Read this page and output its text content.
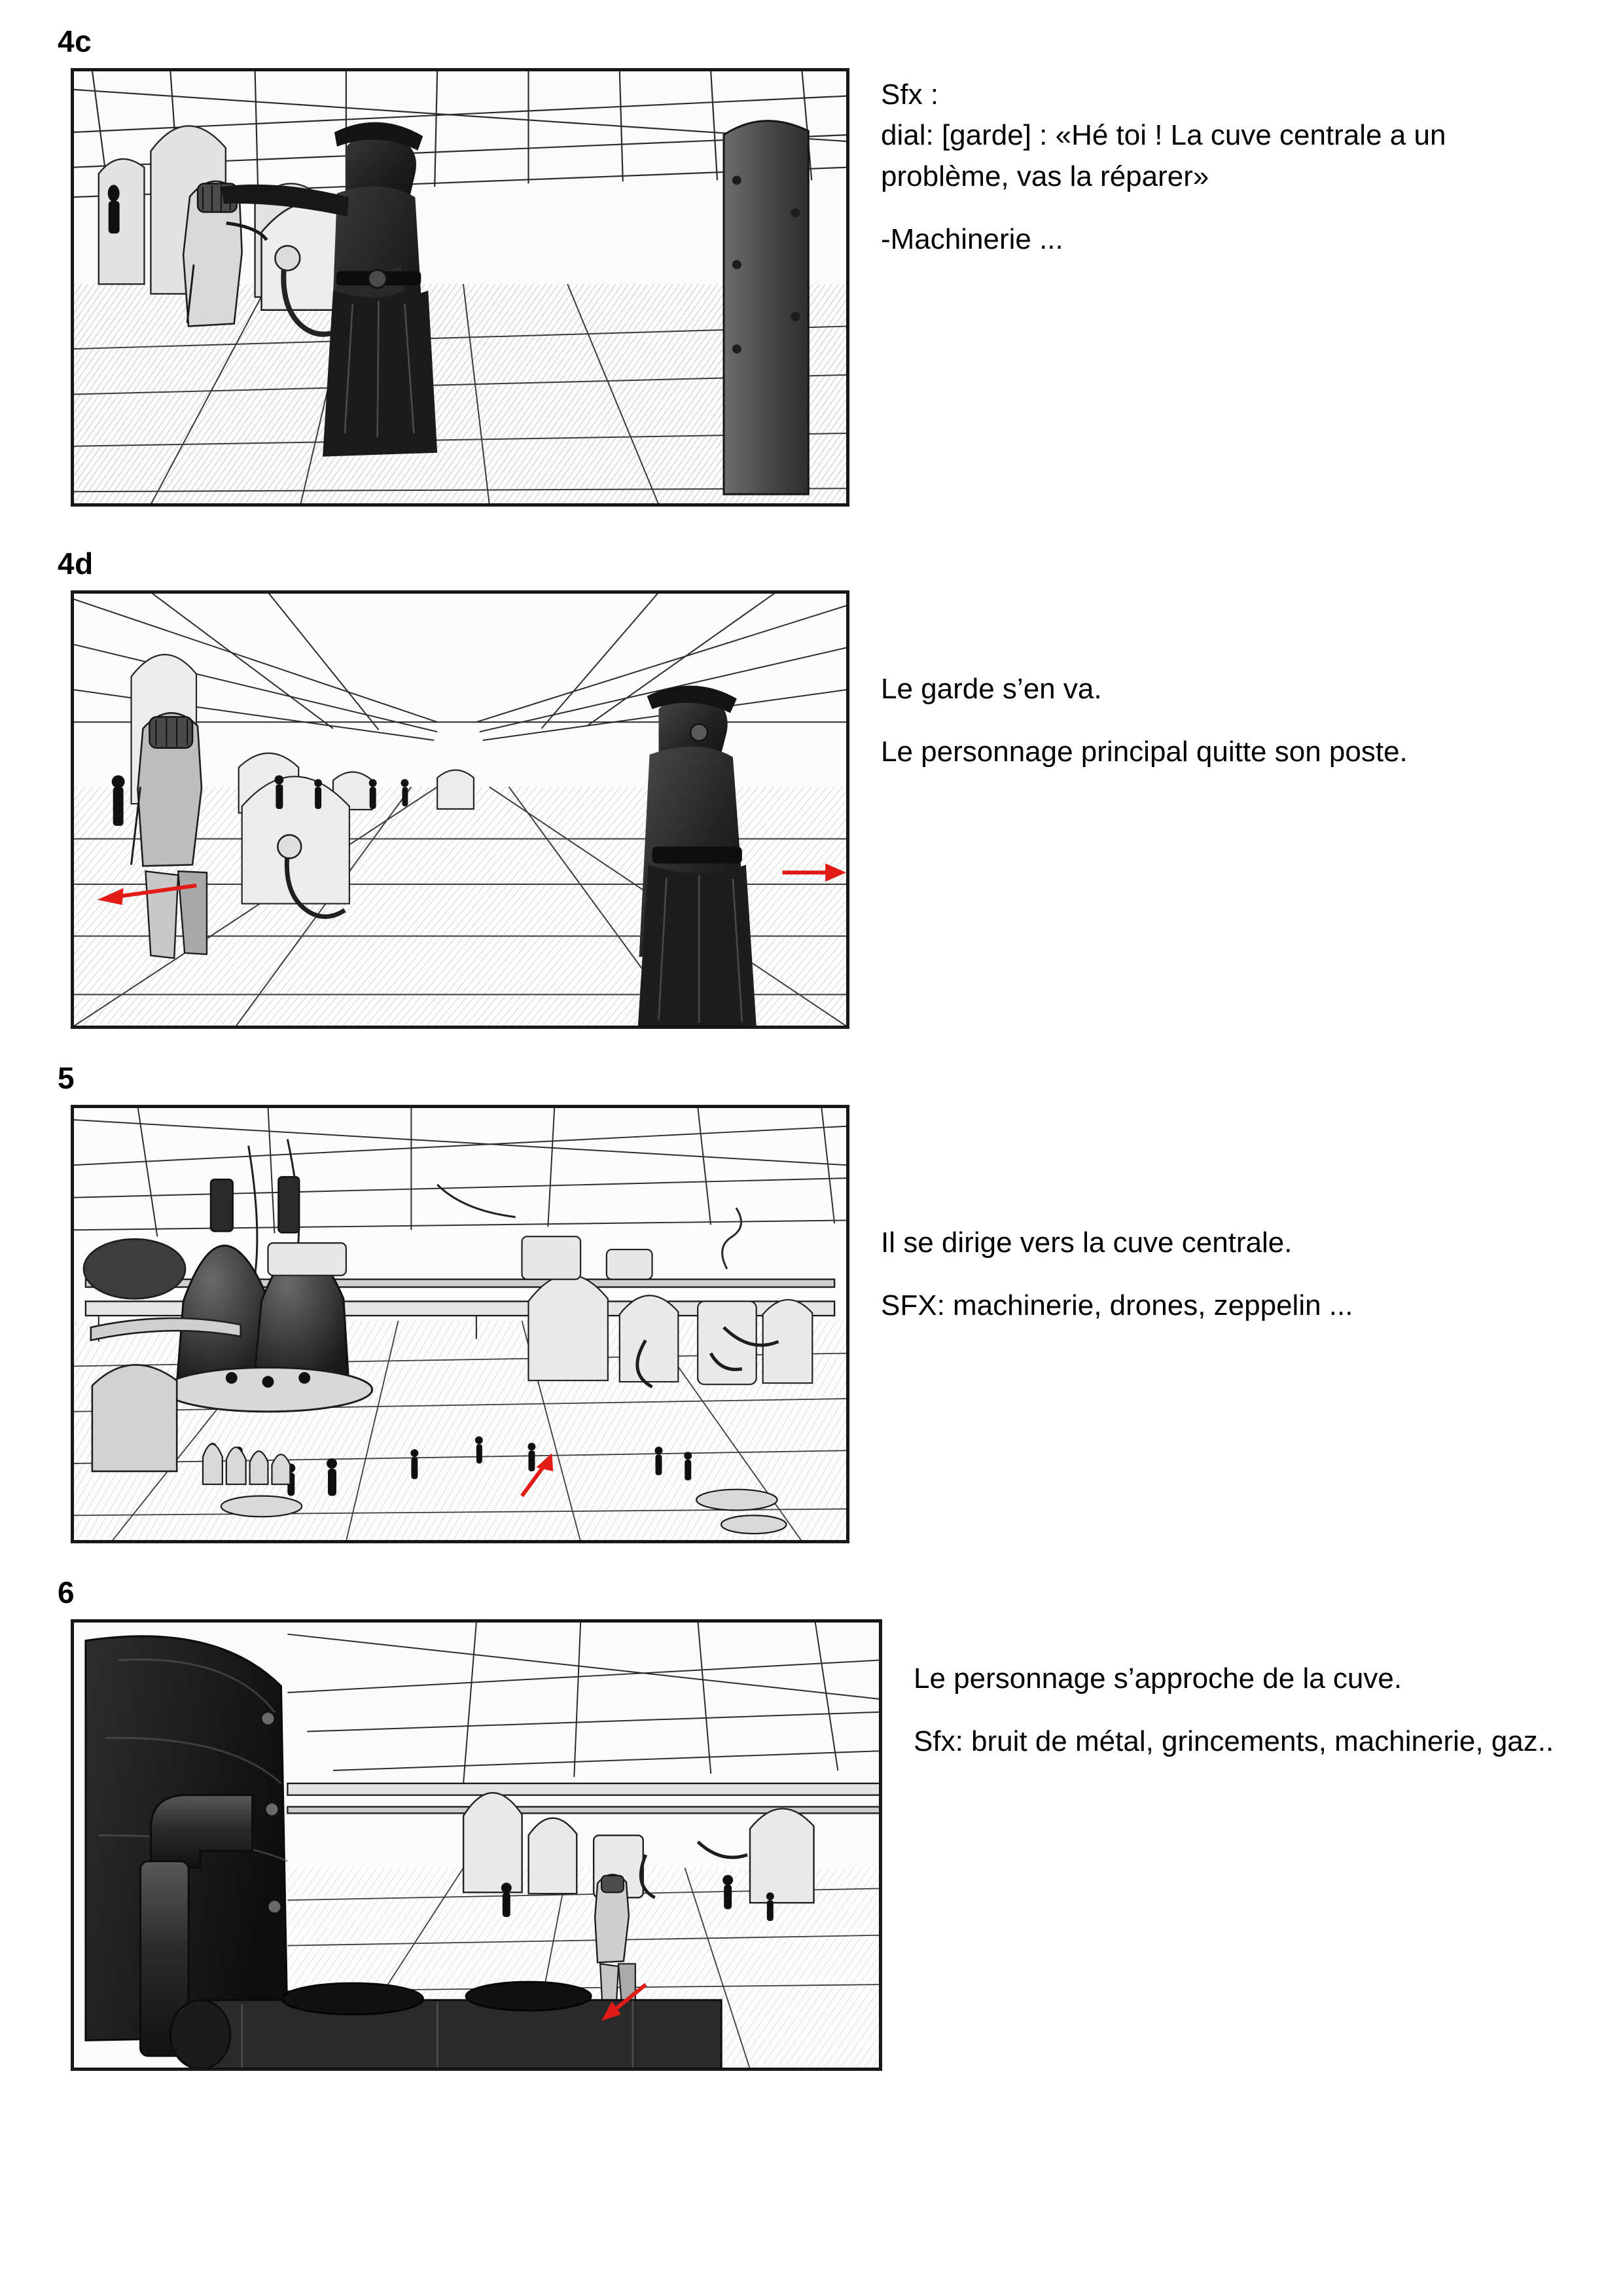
4c

Sfx :

dial: [garde] : «Hé toi ! La cuve centrale a un problème, vas la réparer»

-Machinerie ...

4d

Le garde s’en va.

Le personnage principal quitte son poste.

5

Il se dirige vers la cuve centrale.

SFX: machinerie, drones, zeppelin ...

6

Le personnage s’approche de la cuve.

Sfx: bruit de métal, grincements, machinerie, gaz..
